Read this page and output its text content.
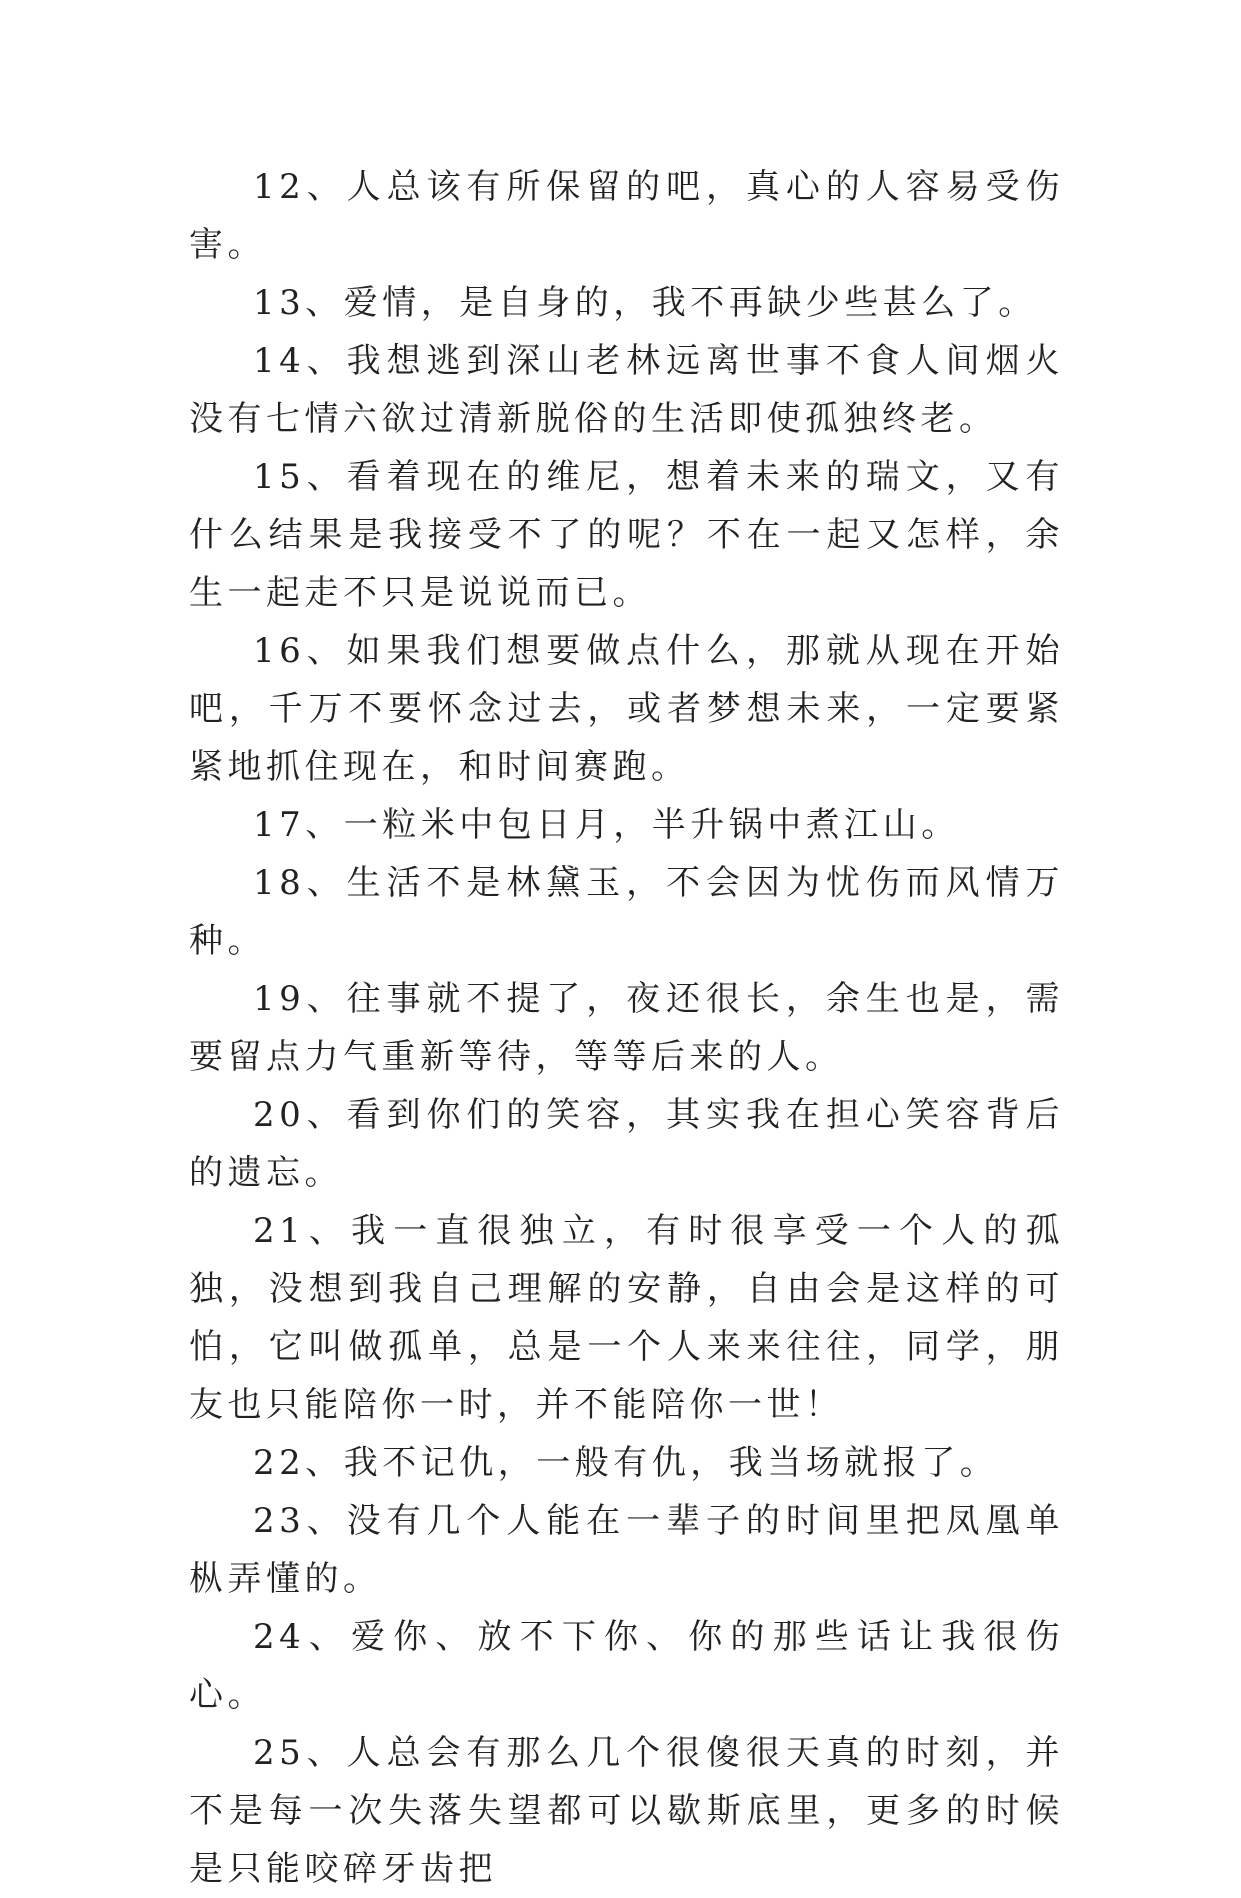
12、人总该有所保留的吧，真心的人容易受伤害。

13、爱情，是自身的，我不再缺少些甚么了。

14、我想逃到深山老林远离世事不食人间烟火没有七情六欲过清新脱俗的生活即使孤独终老。

15、看着现在的维尼，想着未来的瑞文，又有什么结果是我接受不了的呢？不在一起又怎样，余生一起走不只是说说而已。

16、如果我们想要做点什么，那就从现在开始吧，千万不要怀念过去，或者梦想未来，一定要紧紧地抓住现在，和时间赛跑。

17、一粒米中包日月，半升锅中煮江山。

18、生活不是林黛玉，不会因为忧伤而风情万种。

19、往事就不提了，夜还很长，余生也是，需要留点力气重新等待，等等后来的人。

20、看到你们的笑容，其实我在担心笑容背后的遗忘。

21、我一直很独立，有时很享受一个人的孤独，没想到我自己理解的安静，自由会是这样的可怕，它叫做孤单，总是一个人来来往往，同学，朋友也只能陪你一时，并不能陪你一世！

22、我不记仇，一般有仇，我当场就报了。

23、没有几个人能在一辈子的时间里把凤凰单枞弄懂的。

24、爱你、放不下你、你的那些话让我很伤心。

25、人总会有那么几个很傻很天真的时刻，并不是每一次失落失望都可以歇斯底里，更多的时候是只能咬碎牙齿把
